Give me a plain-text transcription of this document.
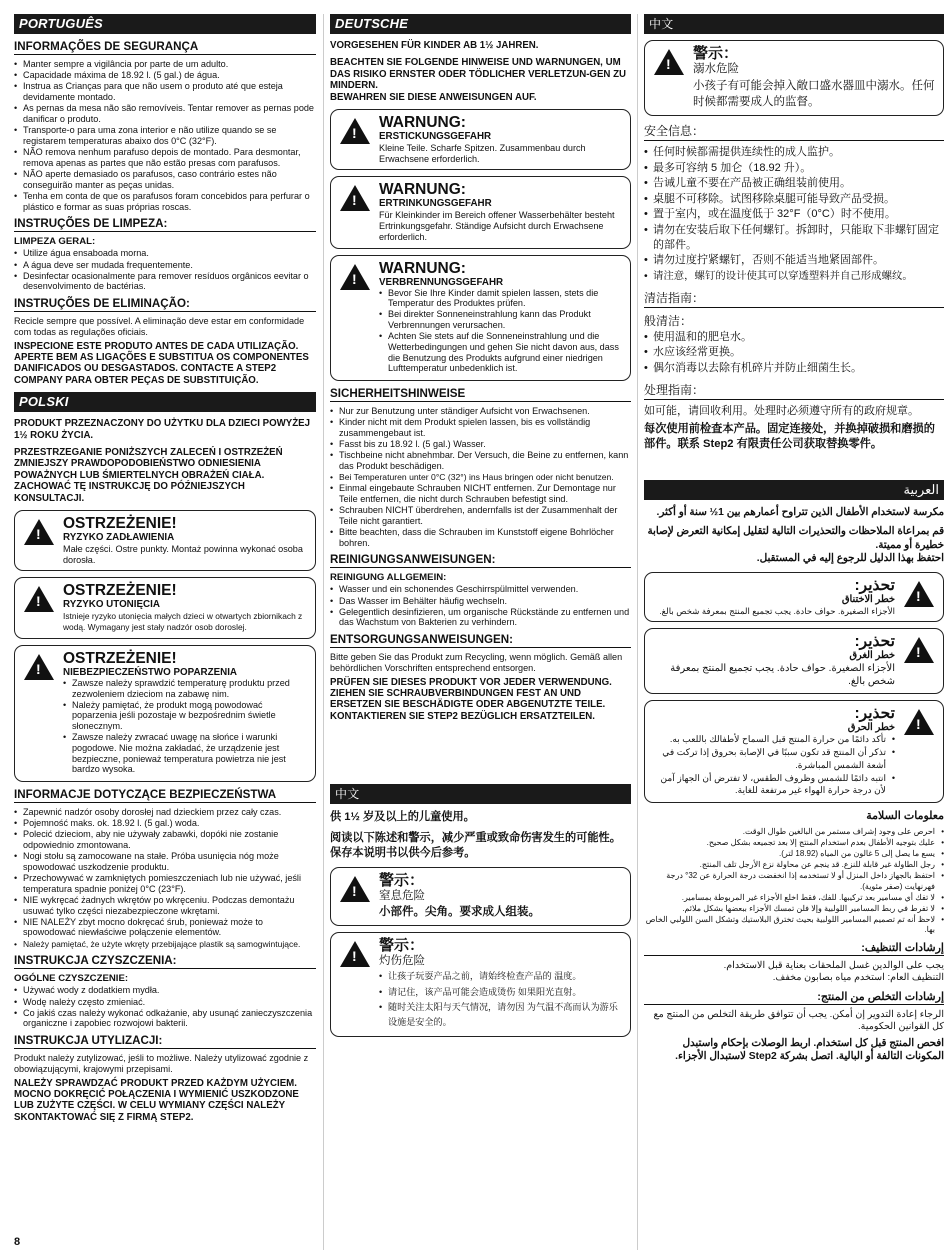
PORTUGUÊS
INFORMAÇÕES DE SEGURANÇA
• Manter sempre a vigilância por parte de um adulto.
• Capacidade máxima de 18.92 l. (5 gal.) de água.
• Instrua as Crianças para que não usem o produto até que esteja devidamente montado.
• As pernas da mesa não são removíveis. Tentar remover as pernas pode danificar o produto.
• Transporte-o para uma zona interior e não utilize quando se se registarem temperaturas abaixo dos 0°C (32°F).
• NÃO remova nenhum parafuso depois de montado. Para desmontar, remova apenas as partes que não estão presas com parafusos.
• NÃO aperte demasiado os parafusos, caso contrário estes não conseguirão manter as peças unidas.
• Tenha em conta de que os parafusos foram concebidos para perfurar o plástico e formar as suas próprias roscas.
INSTRUÇÕES DE LIMPEZA:
LIMPEZA GERAL:
• Utilize água ensaboada morna.
• A água deve ser mudada frequentemente.
• Desinfectar ocasionalmente para remover resíduos orgânicos eevitar o desenvolvimento de bactérias.
INSTRUÇÕES DE ELIMINAÇÃO:

Recicle sempre que possível. A eliminação deve estar em conformidade com todas as regulações oficiais.

INSPECIONE ESTE PRODUTO ANTES DE CADA UTILIZAÇÃO. APERTE BEM AS LIGAÇÕES E SUBSTITUA OS COMPONENTES DANIFICADOS OU DESGASTADOS. CONTACTE A STEP2 COMPANY PARA OBTER PEÇAS DE SUBSTITUIÇÃO.

POLSKI

PRODUKT PRZEZNACZONY DO UŻYTKU DLA DZIECI POWYŻEJ 1½ ROKU ŻYCIA.

PRZESTRZEGANIE PONIŻSZYCH ZALECEŃ I OSTRZEŻEŃ ZMNIEJSZY PRAWDOPODOBIEŃSTWO ODNIESIENIA POWAŻNYCH LUB ŚMIERTELNYCH OBRAŻEŃ CIAŁA. ZACHOWAĆ TĘ INSTRUKCJĘ DO PÓŹNIEJSZYCH KONSULTACJI.

!
OSTRZEŻENIE!
RYZYKO ZADŁAWIENIA
Małe części. Ostre punkty. Montaż powinna wykonać osoba dorosła.
!
OSTRZEŻENIE!
RYZYKO UTONIĘCIA
Istnieje ryzyko utonięcia małych dzieci w otwartych zbiornikach z wodą. Wymagany jest stały nadzór osob doroslej.
!
OSTRZEŻENIE!
NIEBEZPIECZEŃSTWO POPARZENIA
• Zawsze należy sprawdzić temperaturę produktu przed zezwoleniem dzieciom na zabawę nim.
• Należy pamiętać, że produkt mogą powodować poparzenia jeśli pozostaje w bezpośrednim świetle słonecznym.
• Zawsze należy zwracać uwagę na słońce i warunki pogodowe. Nie można zakładać, że urządzenie jest bezpieczne, ponieważ temperatura powietrza nie jest bardzo wysoka.
INFORMACJE DOTYCZĄCE BEZPIECZEŃSTWA
• Zapewnić nadzór osoby dorosłej nad dzieckiem przez cały czas.
• Pojemność maks. ok. 18.92 l. (5 gal.) woda.
• Polecić dzieciom, aby nie używały zabawki, dopóki nie zostanie odpowiednio zmontowana.
• Nogi stołu są zamocowane na stałe. Próba usunięcia nóg może spowodować uszkodzenie produktu.
• Przechowywać w zamkniętych pomieszczeniach lub nie używać, jeśli temperatura spadnie poniżej 0°C (23°F).
• NIE wykręcać żadnych wkrętów po wkręceniu. Podczas demontażu usuwać tylko części niezabezpieczone wkrętami.
• NIE NALEŻY zbyt mocno dokręcać śrub, ponieważ może to spowodować niewłaściwe połączenie elementów.
• Należy pamiętać, że użyte wkręty przebijające plastik są samogwintujące.
INSTRUKCJA CZYSZCZENIA:
OGÓLNE CZYSZCZENIE:
• Używać wody z dodatkiem mydła.
• Wodę należy często zmieniać.
• Co jakiś czas należy wykonać odkażanie, aby usunąć zanieczyszczenia organiczne i zapobiec rozwojowi bakterii.
INSTRUKCJA UTYLIZACJI:

Produkt należy zutylizować, jeśli to możliwe. Należy utylizować zgodnie z obowiązującymi, krajowymi przepisami.

NALEŻY SPRAWDZAĆ PRODUKT PRZED KAŻDYM UŻYCIEM. MOCNO DOKRĘCIĆ POŁĄCZENIA I WYMIENIĆ USZKODZONE LUB ZUŻYTE CZĘŚCI. W CELU WYMIANY CZĘŚCI NALEŻY SKONTAKTOWAĆ SIĘ Z FIRMĄ STEP2.

DEUTSCHE

VORGESEHEN FÜR KINDER AB 1½ JAHREN.

BEACHTEN SIE FOLGENDE HINWEISE UND WARNUNGEN, UM DAS RISIKO ERNSTER ODER TÖDLICHER VERLETZUN-GEN ZU MINDERN.

BEWAHREN SIE DIESE ANWEISUNGEN AUF.

!
WARNUNG:
ERSTICKUNGSGEFAHR
Kleine Teile. Scharfe Spitzen. Zusammenbau durch Erwachsene erforderlich.
!
WARNUNG:
ERTRINKUNGSGEFAHR
Für Kleinkinder im Bereich offener Wasserbehälter besteht Ertrinkungsgefahr. Ständige Aufsicht durch Erwachsene erforderlich.
!
WARNUNG:
VERBRENNUNGSGEFAHR
• Bevor Sie Ihre Kinder damit spielen lassen, stets die Temperatur des Produktes prüfen.
• Bei direkter Sonneneinstrahlung kann das Produkt Verbrennungen verursachen.
• Achten Sie stets auf die Sonneneinstrahlung und die Wetterbedingungen und gehen Sie nicht davon aus, dass die Benutzung des Produkts aufgrund einer niedrigen Lufttemperatur unbedenklich ist.
SICHERHEITSHINWEISE
• Nur zur Benutzung unter ständiger Aufsicht von Erwachsenen.
• Kinder nicht mit dem Produkt spielen lassen, bis es vollständig zusammengebaut ist.
• Fasst bis zu 18.92 l. (5 gal.) Wasser.
• Tischbeine nicht abnehmbar. Der Versuch, die Beine zu entfernen, kann das Produkt beschädigen.
• Bei Temperaturen unter 0°C (32°) ins Haus bringen oder nicht benutzen.
• Einmal eingebaute Schrauben NICHT entfernen. Zur Demontage nur Teile entfernen, die nicht durch Schrauben befestigt sind.
• Schrauben NICHT überdrehen, andernfalls ist der Zusammenhalt der Teile nicht garantiert.
• Bitte beachten, dass die Schrauben im Kunststoff eigene Bohrlöcher bohren.
REINIGUNGSANWEISUNGEN:
REINIGUNG ALLGEMEIN:
• Wasser und ein schonendes Geschirrspülmittel verwenden.
• Das Wasser im Behälter häufig wechseln.
• Gelegentlich desinfizieren, um organische Rückstände zu entfernen und das Wachstum von Bakterien zu verhindern.
ENTSORGUNGSANWEISUNGEN:

Bitte geben Sie das Produkt zum Recycling, wenn möglich. Gemäß allen behördlichen Vorschriften entsprechend entsorgen.

PRÜFEN SIE DIESES PRODUKT VOR JEDER VERWENDUNG. ZIEHEN SIE SCHRAUBVERBINDUNGEN FEST AN UND ERSETZEN SIE BESCHÄDIGTE ODER ABGENUTZTE TEILE. KONTAKTIEREN SIE STEP2 BEZÜGLICH ERSATZTEILEN.

中文

供 1½ 岁及以上的儿童使用。

阅读以下陈述和警示，减少严重或致命伤害发生的可能性。

保存本说明书以供今后参考。

!
警示：
窒息危险
小部件。尖角。要求成人组装。
!
警示：
灼伤危险
• 让孩子玩耍产品之前，请始终检查产品的 温度。
• 请记住，该产品可能会造成烫伤 如果阳光直射。
• 随时关注太阳与天气情况，请勿因 为气温不高而认为游乐设施是安全的。
中文
!
警示：
溺水危险
小孩子有可能会掉入敞口盛水器皿中溺水。任何时候都需要成人的监督。
安全信息：
• 任何时候都需提供连续性的成人监护。
• 最多可容纳 5 加仑（18.92 升）。
• 告诫儿童不要在产品被正确组装前使用。
• 桌腿不可移除。试图移除桌腿可能导致产品受损。
• 置于室内，或在温度低于 32°F（0°C）时不使用。
• 请勿在安装后取下任何螺钉。拆卸时，只能取下非螺钉固定的部件。
• 请勿过度拧紧螺钉，否则不能适当地紧固部件。
• 请注意，螺钉的设计使其可以穿透塑料并自己形成螺纹。
清洁指南：
般清洁：
• 使用温和的肥皂水。
• 水应该经常更换。
• 偶尔消毒以去除有机碎片并防止细菌生长。
处理指南：

如可能，请回收利用。处理时必须遵守所有的政府规章。

每次使用前检查本产品。固定连接处，并换掉破损和磨损的部件。联系 Step2 有限责任公司获取替换零件。

العربية

مكرسة لاستخدام الأطفال الذين تتراوح أعمارهم بين 1½ سنة أو أكثر.

قم بمراعاة الملاحظات والتحذيرات التالية لتقليل إمكانية التعرض لإصابة خطيرة أو مميتة.

احتفظ بهذا الدليل للرجوع إليه في المستقبل.

!
تحذير:
خطر الاختناق
الأجزاء الصغيرة. حواف حادة. يجب تجميع المنتج بمعرفة شخص بالغ.
!
تحذير:
خطر الغرق
الأجزاء الصغيرة. حواف حادة. يجب تجميع المنتج بمعرفة شخص بالغ.
!
تحذير:
خطر الحرق
• تأكد دائمًا من حرارة المنتج قبل السماح لأطفالك باللعب به.
• تذكر أن المنتج قد تكون سببًا في الإصابة بحروق إذا تركت في أشعة الشمس المباشرة.
• انتبه دائمًا للشمس وظروف الطقس، لا تفترض أن الجهاز آمن لأن درجة حرارة الهواء غير مرتفعة للغاية.
معلومات السلامة
• احرص على وجود إشراف مستمر من البالغين طوال الوقت.
• عليك بتوجيه الأطفال بعدم استخدام المنتج إلا بعد تجميعه بشكل صحيح.
• يسع ما يصل إلى 5 غالون من المياه (18.92 لتر).
• رجل الطاولة غير قابلة للنزع. قد ينجم عن محاولة نزع الأرجل تلف المنتج.
• احتفظ بالجهاز داخل المنزل أو لا تستخدمه إذا انخفضت درجة الحرارة عن 32° درجة فهرنهايت (صفر مئوية).
• لا تفك أي مسامير بعد تركيبها. للفك، فقط اخلع الأجزاء غير المربوطة بمسامير.
• لا تفرط في ربط المسامير اللولبية وإلا فلن تمسك الأجزاء ببعضها بشكل ملائم.
• لاحظ أنه تم تصميم المسامير اللولبية بحيث تخترق البلاستيك وتشكل السن اللولبي الخاص بها.
إرشادات التنظيف:

يجب على الوالدين غسل الملحقات بعناية قبل الاستخدام.

التنظيف العام: استخدم مياه بصابون مخفف.

إرشادات التخلص من المنتج:

الرجاء إعادة التدوير إن أمكن. يجب أن تتوافق طريقة التخلص من المنتج مع كل القوانين الحكومية.

افحص المنتج قبل كل استخدام. اربط الوصلات بإحكام واستبدل المكونات التالفة أو البالية. اتصل بشركة Step2 لاستبدال الأجزاء.

8
